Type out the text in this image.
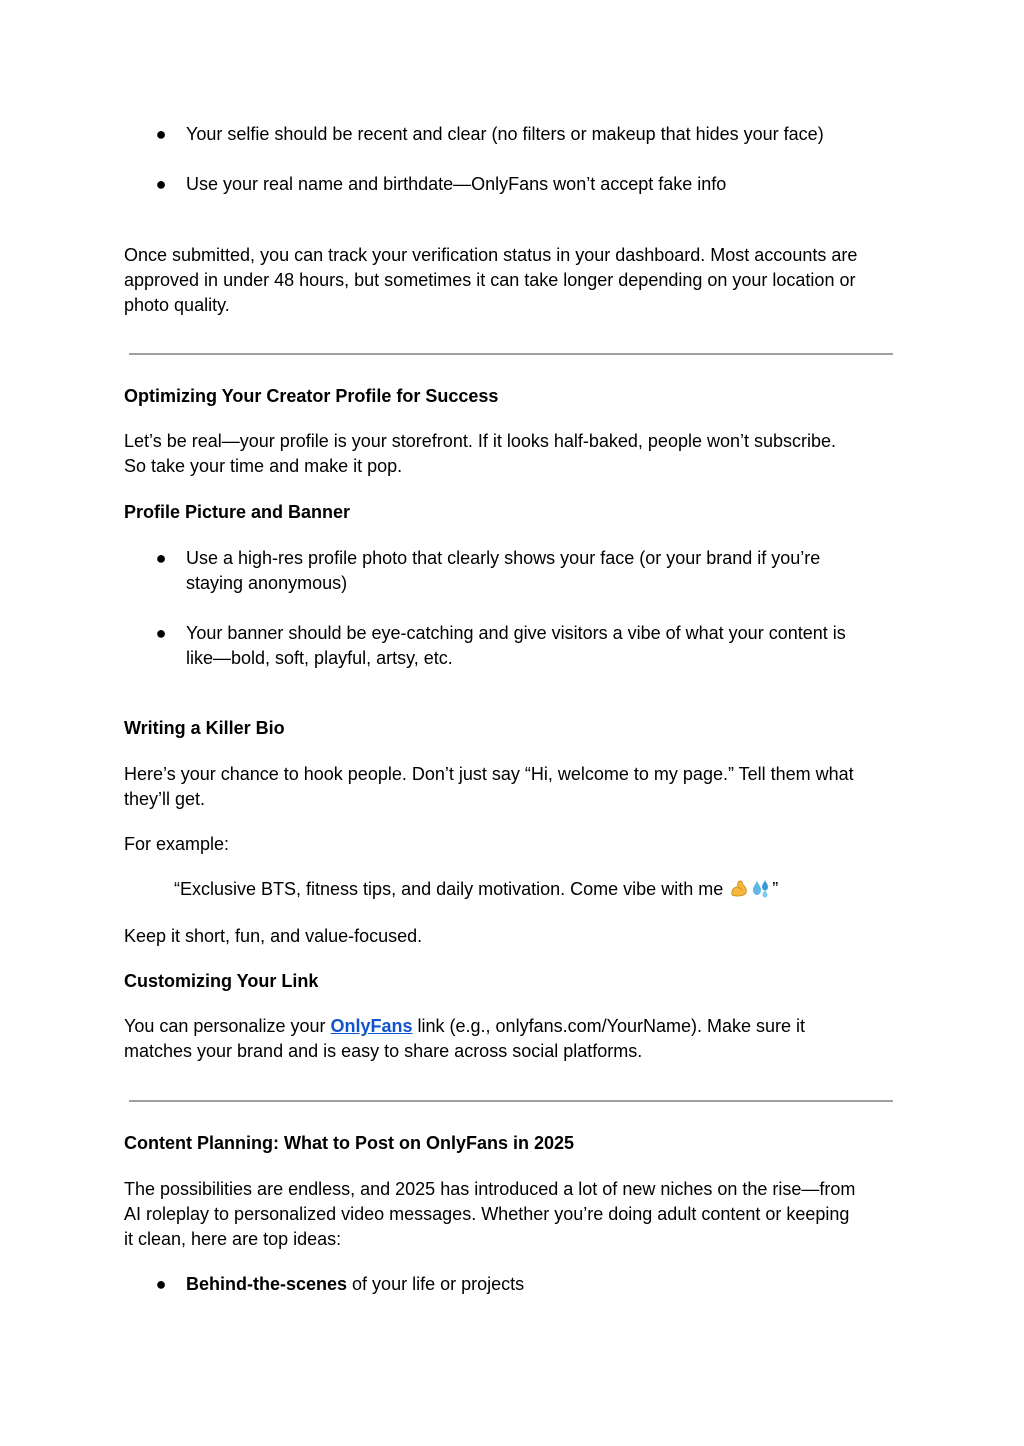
● Your selfie should be recent and clear (no filters or makeup that hides your face)
● Use your real name and birthdate—OnlyFans won’t accept fake info
Once submitted, you can track your verification status in your dashboard. Most accounts are
approved in under 48 hours, but sometimes it can take longer depending on your location or
photo quality.
Optimizing Your Creator Profile for Success
Let’s be real—your profile is your storefront. If it looks half-baked, people won’t subscribe.
So take your time and make it pop.
Profile Picture and Banner
● Use a high-res profile photo that clearly shows your face (or your brand if you’re
staying anonymous)
● Your banner should be eye-catching and give visitors a vibe of what your content is
like—bold, soft, playful, artsy, etc.
Writing a Killer Bio
Here’s your chance to hook people. Don’t just say “Hi, welcome to my page.” Tell them what
they’ll get.
For example:
“Exclusive BTS, fitness tips, and daily motivation. Come vibe with me ”
Keep it short, fun, and value-focused.
Customizing Your Link
You can personalize your OnlyFans link (e.g., onlyfans.com/YourName). Make sure it
matches your brand and is easy to share across social platforms.
Content Planning: What to Post on OnlyFans in 2025
The possibilities are endless, and 2025 has introduced a lot of new niches on the rise—from
AI roleplay to personalized video messages. Whether you’re doing adult content or keeping
it clean, here are top ideas:
● Behind-the-scenes of your life or projects
